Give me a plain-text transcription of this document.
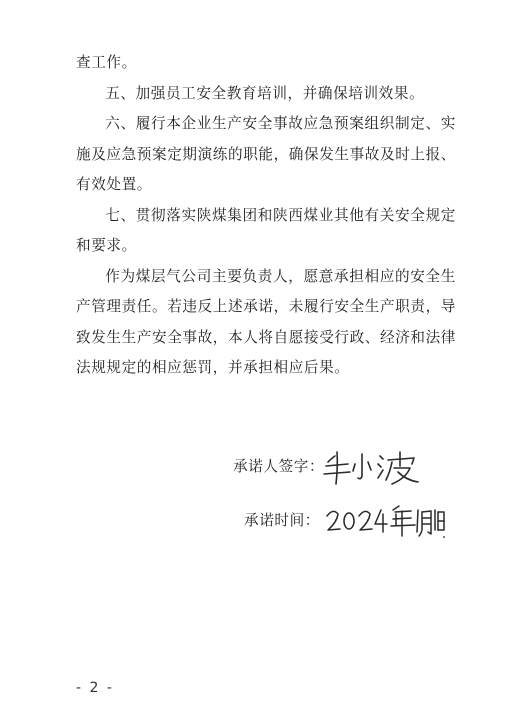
查工作。

五、加强员工安全教育培训，并确保培训效果。

六、履行本企业生产安全事故应急预案组织制定、实施及应急预案定期演练的职能，确保发生事故及时上报、有效处置。

七、贯彻落实陕煤集团和陕西煤业其他有关安全规定和要求。

作为煤层气公司主要负责人，愿意承担相应的安全生产管理责任。若违反上述承诺，未履行安全生产职责，导致发生生产安全事故，本人将自愿接受行政、经济和法律法规规定的相应惩罚，并承担相应后果。

承诺人签字：
承诺时间：
- 2 -
